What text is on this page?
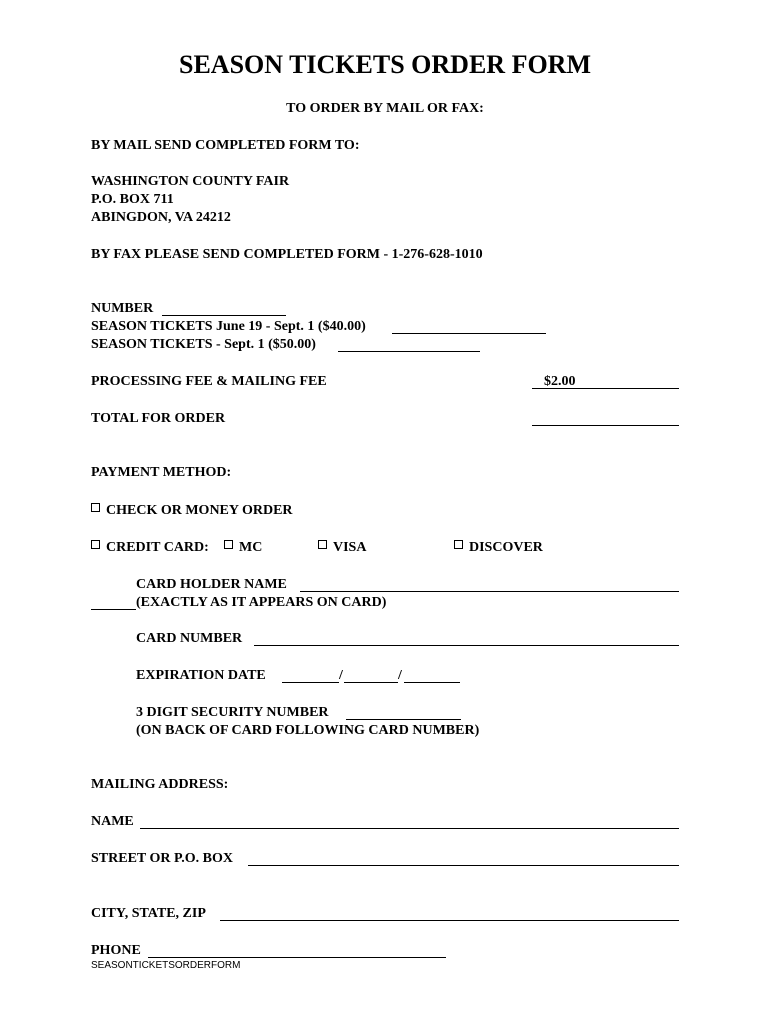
SEASON TICKETS ORDER FORM
TO ORDER BY MAIL OR FAX:
BY MAIL SEND COMPLETED FORM TO:
WASHINGTON COUNTY FAIR
P.O. BOX 711
ABINGDON, VA 24212
BY FAX PLEASE SEND COMPLETED FORM - 1-276-628-1010
NUMBER
SEASON TICKETS June 19 - Sept. 1 ($40.00)
SEASON TICKETS - Sept. 1 ($50.00)
PROCESSING FEE & MAILING FEE	$2.00
TOTAL FOR ORDER
PAYMENT METHOD:
CHECK OR MONEY ORDER
CREDIT CARD:	MC	VISA	DISCOVER
CARD HOLDER NAME
(EXACTLY AS IT APPEARS ON CARD)
CARD NUMBER
EXPIRATION DATE	/	/
3 DIGIT SECURITY NUMBER
(ON BACK OF CARD FOLLOWING CARD NUMBER)
MAILING ADDRESS:
NAME
STREET OR P.O. BOX
CITY, STATE, ZIP
PHONE
SEASONTICKETSORDERFORM
